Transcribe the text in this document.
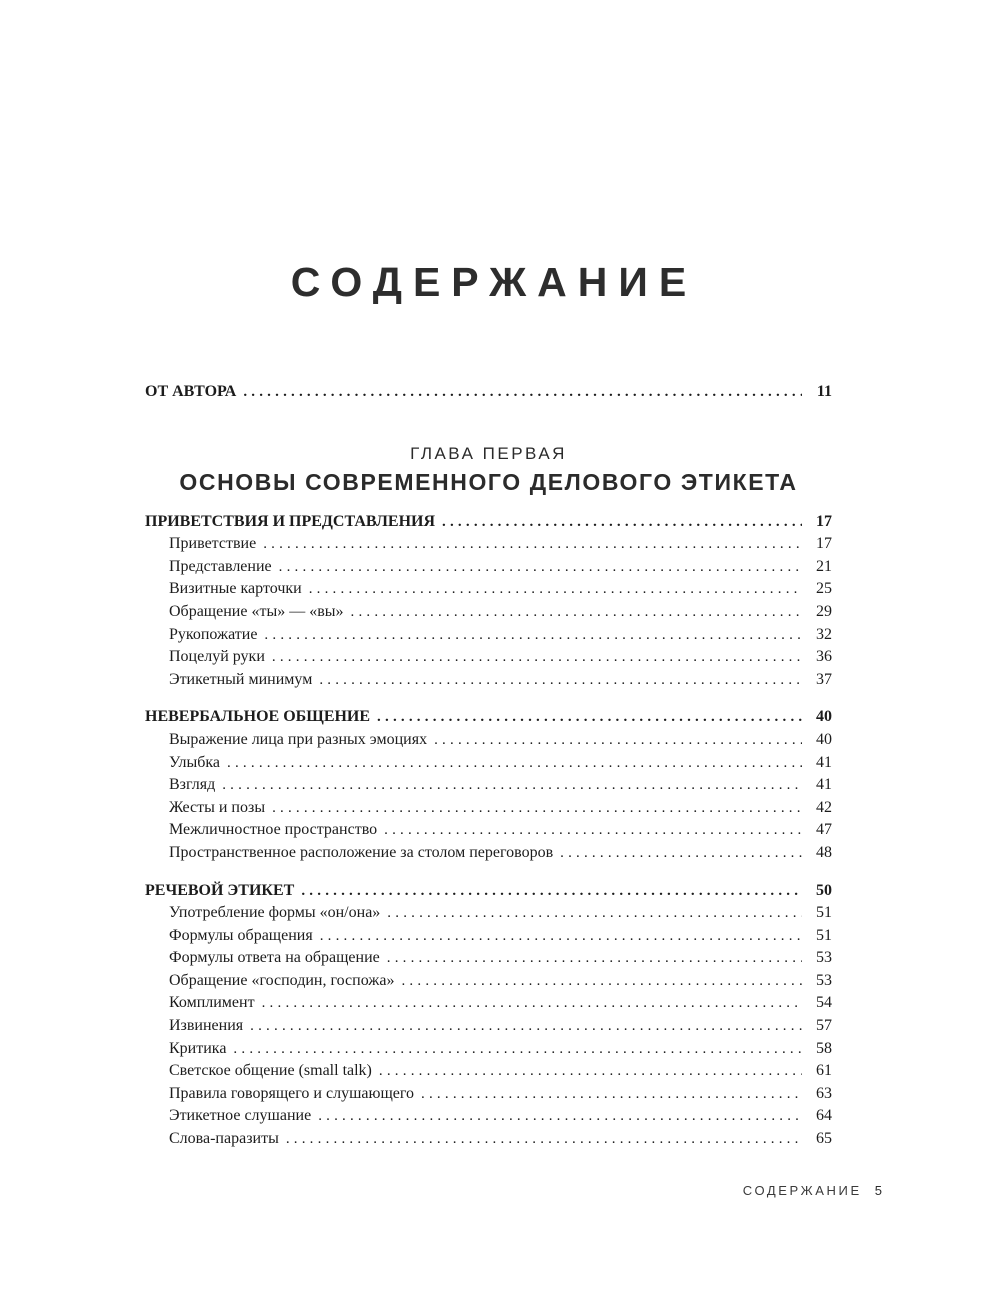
СОДЕРЖАНИЕ
ОТ АВТОРА .....	11
ГЛАВА ПЕРВАЯ
ОСНОВЫ СОВРЕМЕННОГО ДЕЛОВОГО ЭТИКЕТА
ПРИВЕТСТВИЯ И ПРЕДСТАВЛЕНИЯ .....	17
Приветствие .....	17
Представление .....	21
Визитные карточки .....	25
Обращение «ты» — «вы» .....	29
Рукопожатие .....	32
Поцелуй руки .....	36
Этикетный минимум .....	37
НЕВЕРБАЛЬНОЕ ОБЩЕНИЕ .....	40
Выражение лица при разных эмоциях .....	40
Улыбка .....	41
Взгляд .....	41
Жесты и позы .....	42
Межличностное пространство .....	47
Пространственное расположение за столом переговоров .....	48
РЕЧЕВОЙ ЭТИКЕТ .....	50
Употребление формы «он/она» .....	51
Формулы обращения .....	51
Формулы ответа на обращение .....	53
Обращение «господин, госпожа» .....	53
Комплимент .....	54
Извинения .....	57
Критика .....	58
Светское общение (small talk) .....	61
Правила говорящего и слушающего .....	63
Этикетное слушание .....	64
Слова-паразиты .....	65
СОДЕРЖАНИЕ 5
